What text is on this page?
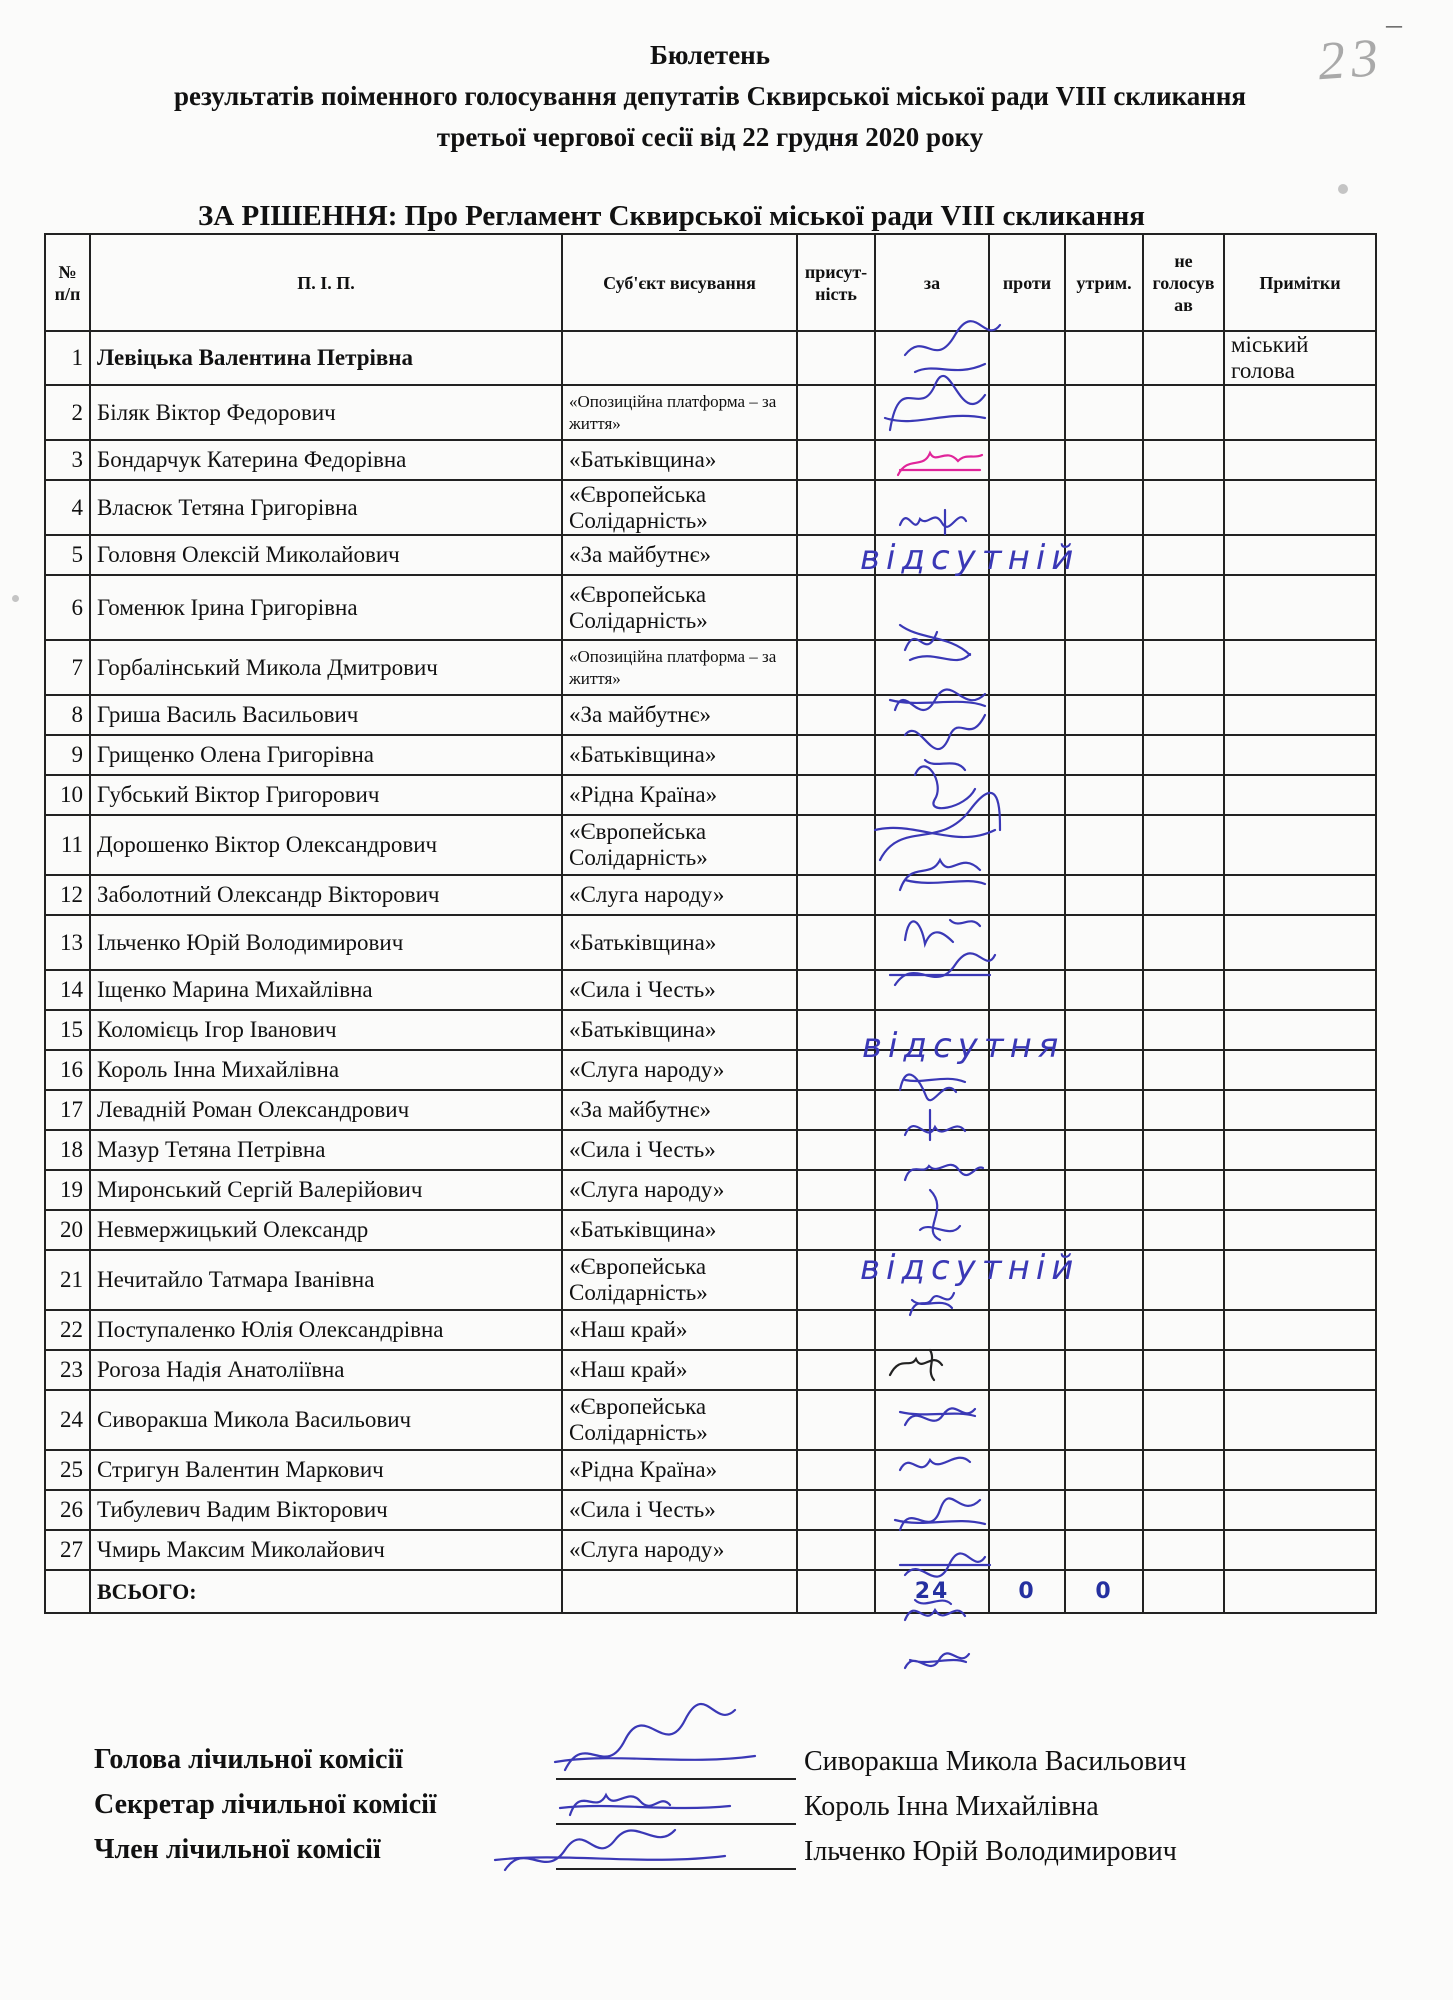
—
23
Бюлетень
результатів поіменного голосування депутатів Сквирської міської ради VIII скликання
третьої чергової сесії від 22 грудня 2020 року
ЗА РІШЕННЯ: Про Регламент Сквирської міської ради VIII скликання
№ п/п	П. І. П.	Суб'єкт висування	присут-ність	за	проти	утрим.	не голосув ав	Примітки
1	Левіцька Валентина Петрівна							міський голова
2	Біляк Віктор Федорович	«Опозиційна платформа – за життя»						
3	Бондарчук Катерина Федорівна	«Батьківщина»						
4	Власюк Тетяна Григорівна	«Європейська Солідарність»						
5	Головня Олексій Миколайович	«За майбутнє»						
6	Гоменюк Ірина Григорівна	«Європейська Солідарність»						
7	Горбалінський Микола Дмитрович	«Опозиційна платформа – за життя»						
8	Гриша Василь Васильович	«За майбутнє»						
9	Грищенко Олена Григорівна	«Батьківщина»						
10	Губський Віктор Григорович	«Рідна Країна»						
11	Дорошенко Віктор Олександрович	«Європейська Солідарність»						
12	Заболотний Олександр Вікторович	«Слуга народу»						
13	Ільченко Юрій Володимирович	«Батьківщина»						
14	Іщенко Марина Михайлівна	«Сила і Честь»						
15	Коломієць Ігор Іванович	«Батьківщина»						
16	Король Інна Михайлівна	«Слуга народу»						
17	Левадній Роман Олександрович	«За майбутнє»						
18	Мазур Тетяна Петрівна	«Сила і Честь»						
19	Миронський Сергій Валерійович	«Слуга народу»						
20	Невмержицький Олександр	«Батьківщина»						
21	Нечитайло Татмара Іванівна	«Європейська Солідарність»						
22	Поступаленко Юлія Олександрівна	«Наш край»						
23	Рогоза Надія Анатоліївна	«Наш край»						
24	Сиворакша Микола Васильович	«Європейська Солідарність»						
25	Стригун Валентин Маркович	«Рідна Країна»						
26	Тибулевич Вадим Вікторович	«Сила і Честь»						
27	Чмирь Максим Миколайович	«Слуга народу»						
	ВСЬОГО:			24	0	0		
відсутній
відсутня
відсутній
Голова лічильної комісії	Сиворакша Микола Васильович
Секретар лічильної комісії	Король Інна Михайлівна
Член лічильної комісії	Ільченко Юрій Володимирович
